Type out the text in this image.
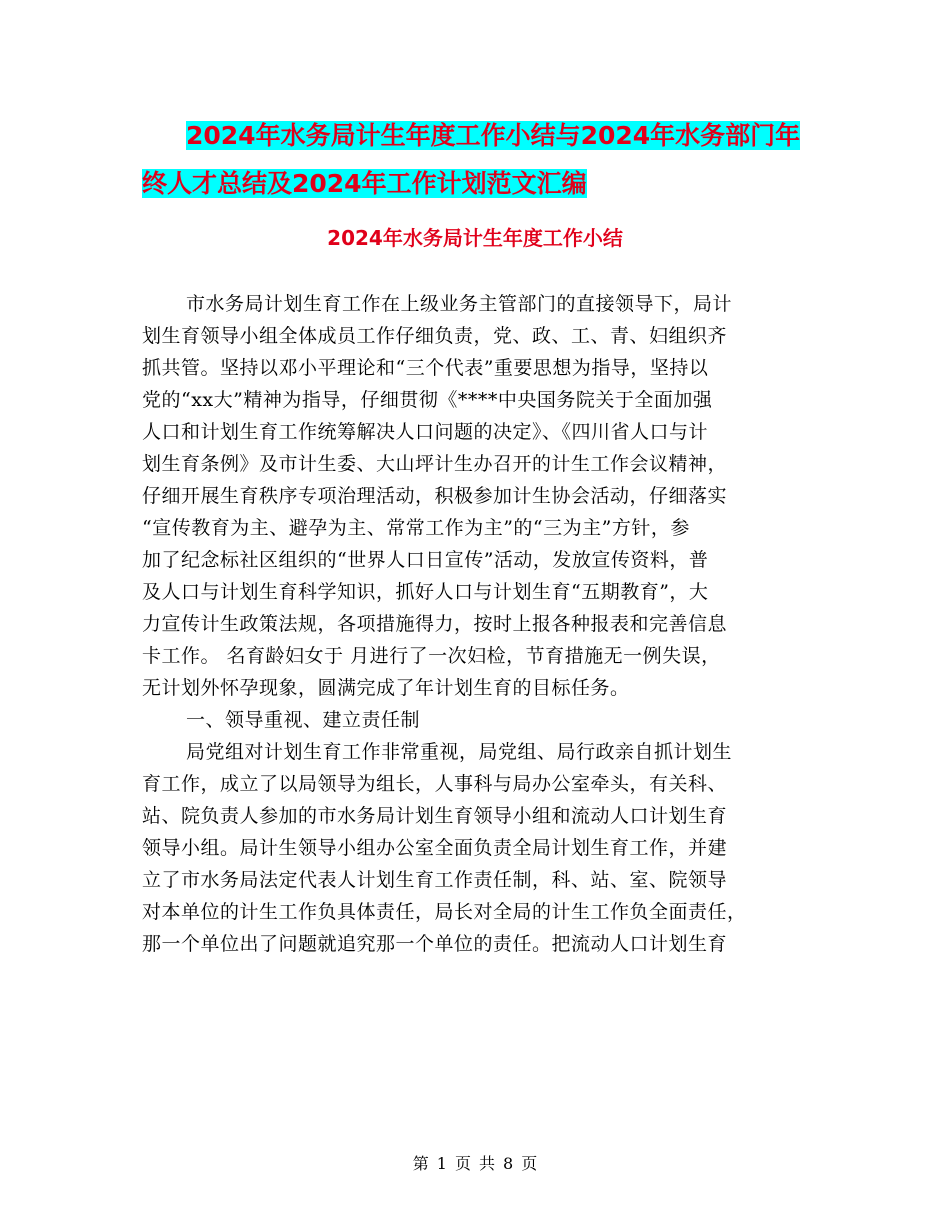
2024年水务局计生年度工作小结与2024年水务部门年
终人才总结及2024年工作计划范文汇编
2024年水务局计生年度工作小结
市水务局计划生育工作在上级业务主管部门的直接领导下，局计
划生育领导小组全体成员工作仔细负责，党、政、工、青、妇组织齐
抓共管。坚持以邓小平理论和“三个代表”重要思想为指导，坚持以
党的“xx大”精神为指导，仔细贯彻《****中央国务院关于全面加强
人口和计划生育工作统筹解决人口问题的决定》、《四川省人口与计
划生育条例》及市计生委、大山坪计生办召开的计生工作会议精神，
仔细开展生育秩序专项治理活动，积极参加计生协会活动，仔细落实
“宣传教育为主、避孕为主、常常工作为主”的“三为主”方针，参
加了纪念标社区组织的“世界人口日宣传”活动，发放宣传资料，普
及人口与计划生育科学知识，抓好人口与计划生育“五期教育”，大
力宣传计生政策法规，各项措施得力，按时上报各种报表和完善信息
卡工作。 名育龄妇女于 月进行了一次妇检，节育措施无一例失误，
无计划外怀孕现象，圆满完成了年计划生育的目标任务。
一、领导重视、建立责任制
局党组对计划生育工作非常重视，局党组、局行政亲自抓计划生
育工作，成立了以局领导为组长，人事科与局办公室牵头，有关科、
站、院负责人参加的市水务局计划生育领导小组和流动人口计划生育
领导小组。局计生领导小组办公室全面负责全局计划生育工作，并建
立了市水务局法定代表人计划生育工作责任制，科、站、室、院领导
对本单位的计生工作负具体责任，局长对全局的计生工作负全面责任，
那一个单位出了问题就追究那一个单位的责任。把流动人口计划生育
第 1 页 共 8 页
